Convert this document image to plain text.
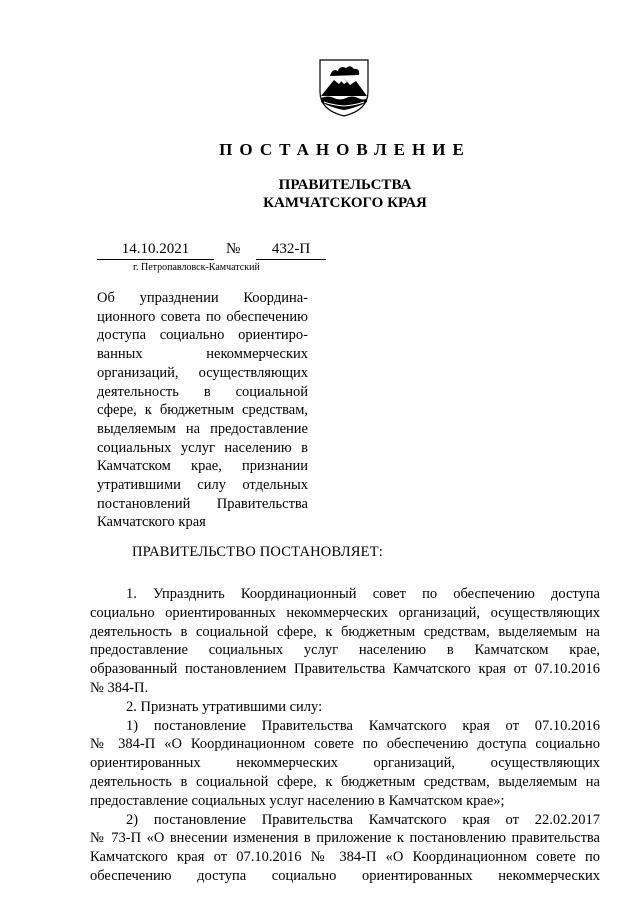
ПОСТАНОВЛЕНИЕ
ПРАВИТЕЛЬСТВА
КАМЧАТСКОГО КРАЯ
14.10.2021	№	432-П
г. Петропавловск-Камчатский
Об упразднении Координа-
ционного совета по обеспечению
доступа социально ориентиро-
ванных некоммерческих
организаций, осуществляющих
деятельность в социальной
сфере, к бюджетным средствам,
выделяемым на предоставление
социальных услуг населению в
Камчатском крае, признании
утратившими силу отдельных
постановлений Правительства
Камчатского края
ПРАВИТЕЛЬСТВО ПОСТАНОВЛЯЕТ:
1. Упразднить Координационный совет по обеспечению доступа
социально ориентированных некоммерческих организаций, осуществляющих
деятельность в социальной сфере, к бюджетным средствам, выделяемым на
предоставление социальных услуг населению в Камчатском крае,
образованный постановлением Правительства Камчатского края от 07.10.2016
№ 384-П.
2. Признать утратившими силу:
1) постановление Правительства Камчатского края от 07.10.2016
№ 384-П «О Координационном совете по обеспечению доступа социально
ориентированных некоммерческих организаций, осуществляющих
деятельность в социальной сфере, к бюджетным средствам, выделяемым на
предоставление социальных услуг населению в Камчатском крае»;
2) постановление Правительства Камчатского края от 22.02.2017
№ 73-П «О внесении изменения в приложение к постановлению правительства
Камчатского края от 07.10.2016 № 384-П «О Координационном совете по
обеспечению доступа социально ориентированных некоммерческих
